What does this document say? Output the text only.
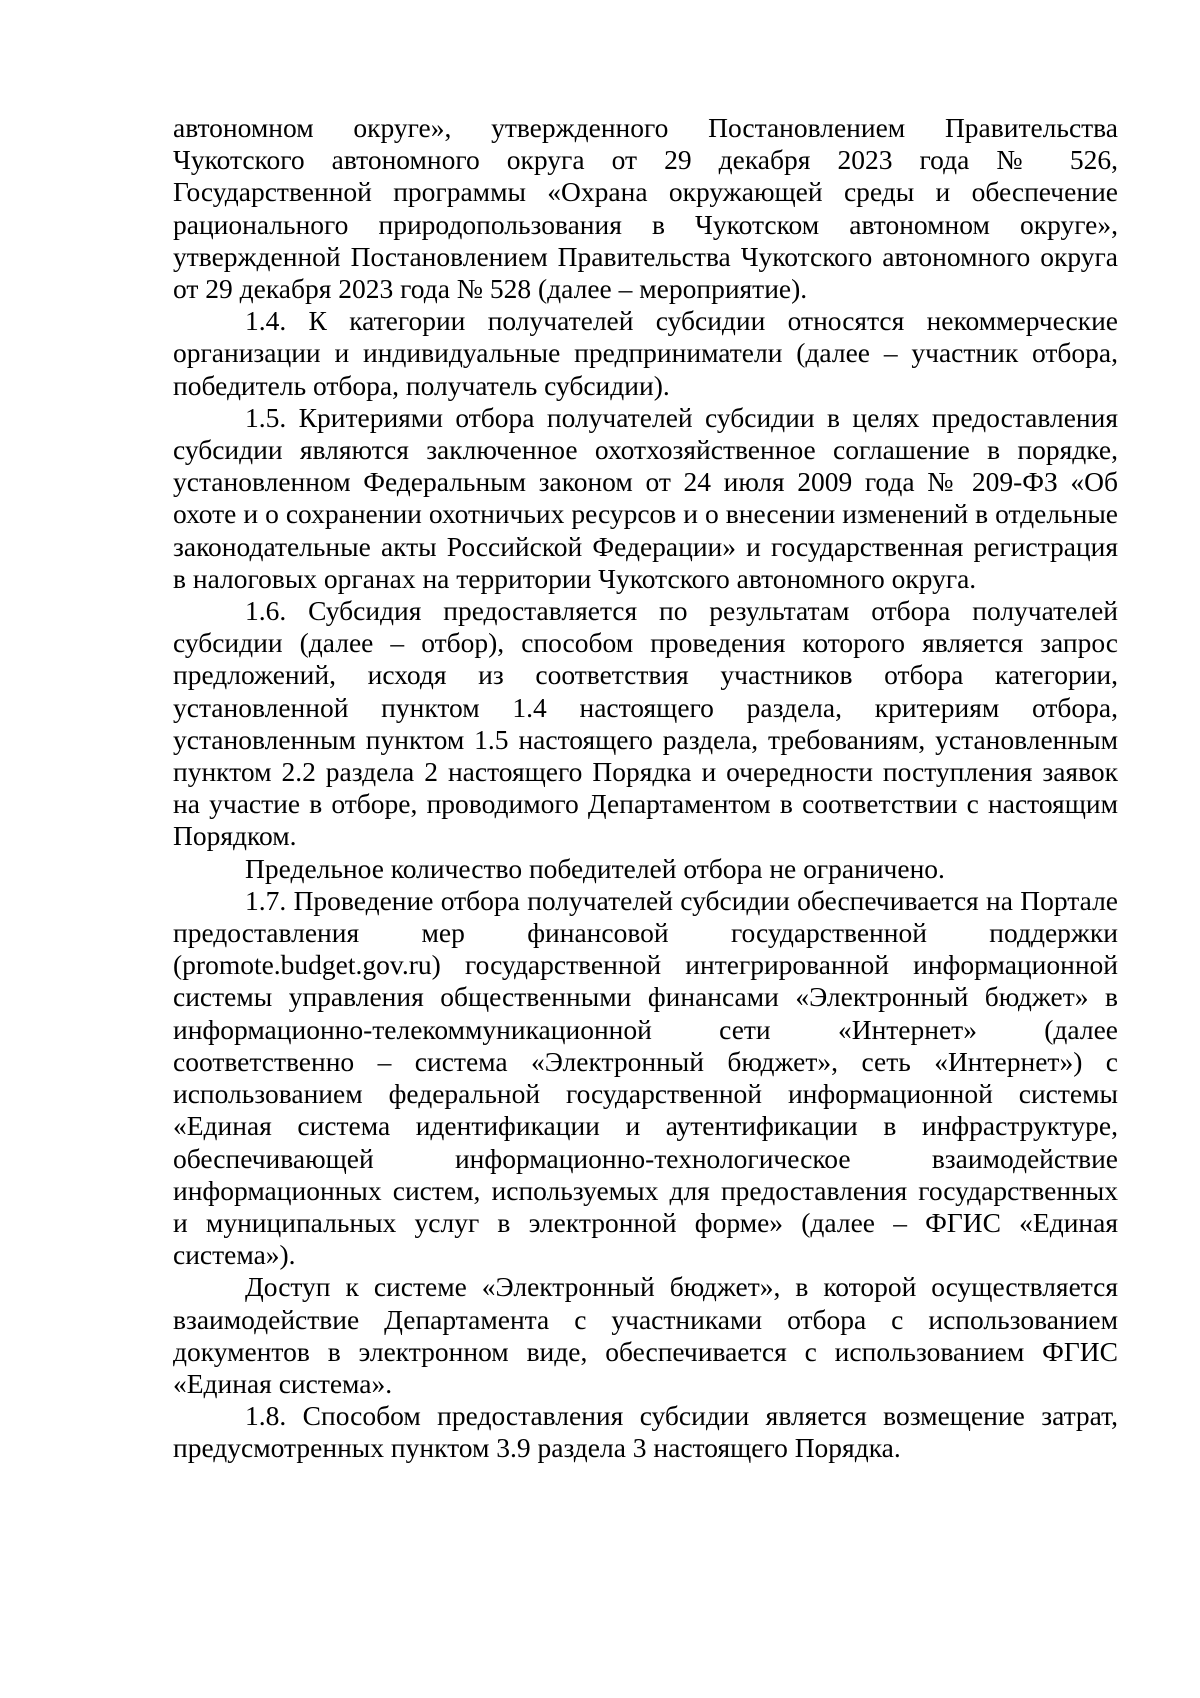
автономном округе», утвержденного Постановлением Правительства Чукотского автономного округа от 29 декабря 2023 года № 526, Государственной программы «Охрана окружающей среды и обеспечение рационального природопользования в Чукотском автономном округе», утвержденной Постановлением Правительства Чукотского автономного округа от 29 декабря 2023 года № 528 (далее – мероприятие).

1.4. К категории получателей субсидии относятся некоммерческие организации и индивидуальные предприниматели (далее – участник отбора, победитель отбора, получатель субсидии).

1.5. Критериями отбора получателей субсидии в целях предоставления субсидии являются заключенное охотхозяйственное соглашение в порядке, установленном Федеральным законом от 24 июля 2009 года № 209-ФЗ «Об охоте и о сохранении охотничьих ресурсов и о внесении изменений в отдельные законодательные акты Российской Федерации» и государственная регистрация в налоговых органах на территории Чукотского автономного округа.

1.6. Субсидия предоставляется по результатам отбора получателей субсидии (далее – отбор), способом проведения которого является запрос предложений, исходя из соответствия участников отбора категории, установленной пунктом 1.4 настоящего раздела, критериям отбора, установленным пунктом 1.5 настоящего раздела, требованиям, установленным пунктом 2.2 раздела 2 настоящего Порядка и очередности поступления заявок на участие в отборе, проводимого Департаментом в соответствии с настоящим Порядком.

Предельное количество победителей отбора не ограничено.

1.7. Проведение отбора получателей субсидии обеспечивается на Портале предоставления мер финансовой государственной поддержки (promote.budget.gov.ru) государственной интегрированной информационной системы управления общественными финансами «Электронный бюджет» в информационно-телекоммуникационной сети «Интернет» (далее соответственно – система «Электронный бюджет», сеть «Интернет») с использованием федеральной государственной информационной системы «Единая система идентификации и аутентификации в инфраструктуре, обеспечивающей информационно-технологическое взаимодействие информационных систем, используемых для предоставления государственных и муниципальных услуг в электронной форме» (далее – ФГИС «Единая система»).

Доступ к системе «Электронный бюджет», в которой осуществляется взаимодействие Департамента с участниками отбора с использованием документов в электронном виде, обеспечивается с использованием ФГИС «Единая система».

1.8. Способом предоставления субсидии является возмещение затрат, предусмотренных пунктом 3.9 раздела 3 настоящего Порядка.
